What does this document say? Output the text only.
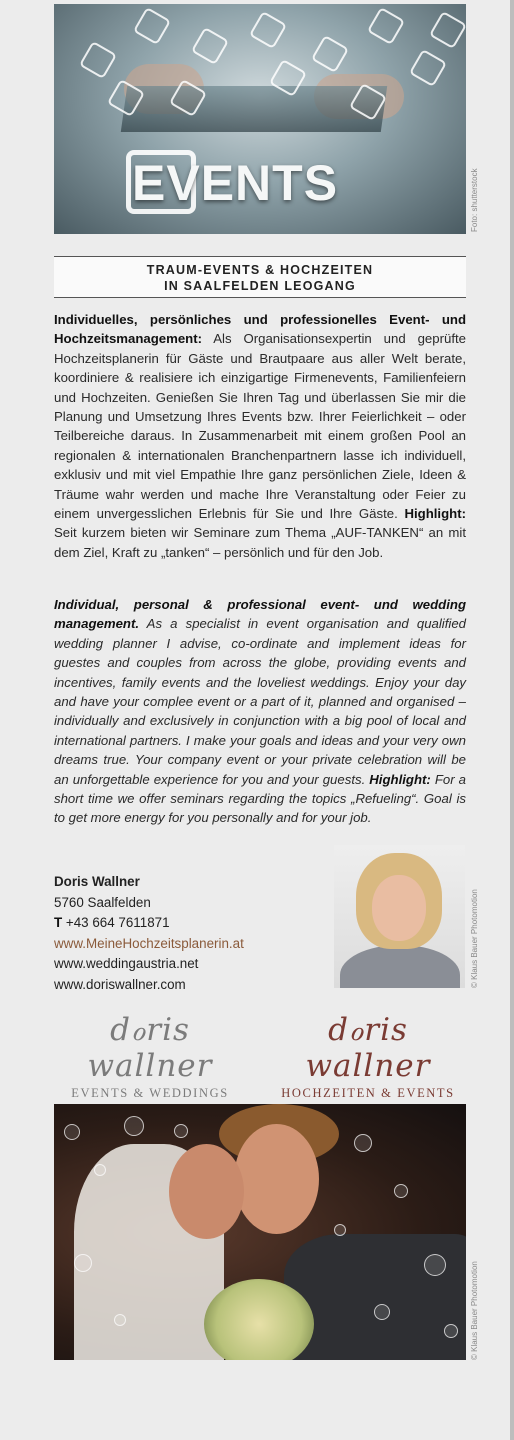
EVENTS	Foto: shutterstock
TRAUM-EVENTS & HOCHZEITEN
IN SAALFELDEN LEOGANG
Individuelles, persönliches und professionelles Event- und Hochzeitsmanagement: Als Organisationsexpertin und geprüfte Hochzeitsplanerin für Gäste und Brautpaare aus aller Welt berate, koordiniere & realisiere ich einzigartige Firmenevents, Familienfeiern und Hochzeiten. Genießen Sie Ihren Tag und überlassen Sie mir die Planung und Umsetzung Ihres Events bzw. Ihrer Feierlichkeit – oder Teilbereiche daraus. In Zusammenarbeit mit einem großen Pool an regionalen & internationalen Branchenpartnern lasse ich individuell, exklusiv und mit viel Empathie Ihre ganz persönlichen Ziele, Ideen & Träume wahr werden und mache Ihre Veranstaltung oder Feier zu einem unvergesslichen Erlebnis für Sie und Ihre Gäste. Highlight: Seit kurzem bieten wir Seminare zum Thema „AUF-TANKEN“ an mit dem Ziel, Kraft zu „tanken“ – persönlich und für den Job.
Individual, personal & professional event- und wedding management. As a specialist in event organisation and qualified wedding planner I advise, co-ordinate and implement ideas for guestes and couples from across the globe, providing events and incentives, family events and the loveliest weddings. Enjoy your day and have your complee event or a part of it, planned and organised – individually and exclusively in conjunction with a big pool of local and international partners. I make your goals and ideas and your very own dreams true. Your company event or your private celebration will be an unforgettable experience for you and your guests. Highlight: For a short time we offer seminars regarding the topics „Refueling“. Goal is to get more energy for you personally and for your job.
Doris Wallner
5760 Saalfelden
T +43 664 7611871
www.MeineHochzeitsplanerin.at
www.weddingaustria.net
www.doriswallner.com	© Klaus Bauer Photomotion
dℴris wallner
EVENTS & WEDDINGS
dℴris wallner
HOCHZEITEN & EVENTS
© Klaus Bauer Photomotion
